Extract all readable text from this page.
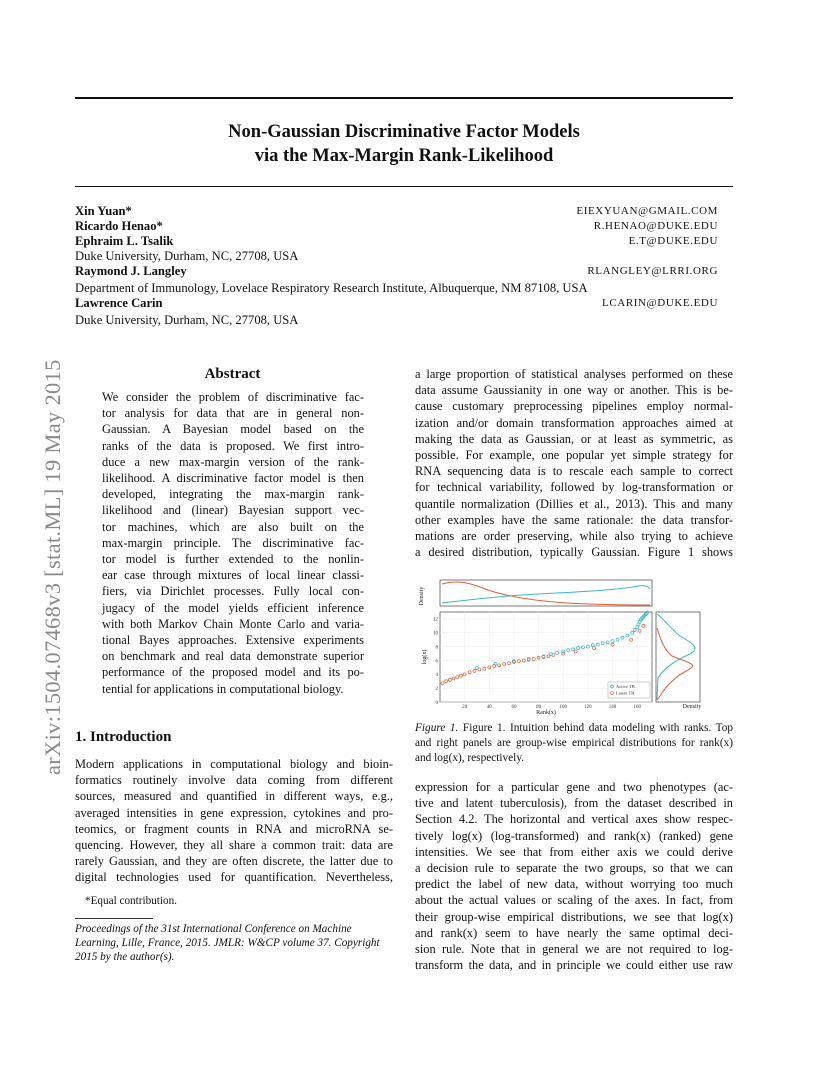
arXiv:1504.07468v3 [stat.ML] 19 May 2015
Non-Gaussian Discriminative Factor Models
via the Max-Margin Rank-Likelihood
Xin Yuan*	EIEXYUAN@GMAIL.COM
Ricardo Henao*	R.HENAO@DUKE.EDU
Ephraim L. Tsalik	E.T@DUKE.EDU
Duke University, Durham, NC, 27708, USA
Raymond J. Langley	RLANGLEY@LRRI.ORG
Department of Immunology, Lovelace Respiratory Research Institute, Albuquerque, NM 87108, USA
Lawrence Carin	LCARIN@DUKE.EDU
Duke University, Durham, NC, 27708, USA
Abstract
We consider the problem of discriminative fac-
tor analysis for data that are in general non-
Gaussian. A Bayesian model based on the
ranks of the data is proposed. We first intro-
duce a new max-margin version of the rank-
likelihood. A discriminative factor model is then
developed, integrating the max-margin rank-
likelihood and (linear) Bayesian support vec-
tor machines, which are also built on the
max-margin principle. The discriminative fac-
tor model is further extended to the nonlin-
ear case through mixtures of local linear classi-
fiers, via Dirichlet processes. Fully local con-
jugacy of the model yields efficient inference
with both Markov Chain Monte Carlo and varia-
tional Bayes approaches. Extensive experiments
on benchmark and real data demonstrate superior
performance of the proposed model and its po-
tential for applications in computational biology.
1. Introduction
Modern applications in computational biology and bioin-
formatics routinely involve data coming from different
sources, measured and quantified in different ways, e.g.,
averaged intensities in gene expression, cytokines and pro-
teomics, or fragment counts in RNA and microRNA se-
quencing. However, they all share a common trait: data are
rarely Gaussian, and they are often discrete, the latter due to
digital technologies used for quantification. Nevertheless,
*Equal contribution.
Proceedings of the 31st International Conference on Machine Learning, Lille, France, 2015. JMLR: W&CP volume 37. Copyright 2015 by the author(s).
a large proportion of statistical analyses performed on these
data assume Gaussianity in one way or another. This is be-
cause customary preprocessing pipelines employ normal-
ization and/or domain transformation approaches aimed at
making the data as Gaussian, or at least as symmetric, as
possible. For example, one popular yet simple strategy for
RNA sequencing data is to rescale each sample to correct
for technical variability, followed by log-transformation or
quantile normalization (Dillies et al., 2013). This and many
other examples have the same rationale: the data transfor-
mations are order preserving, while also trying to achieve
a desired distribution, typically Gaussian. Figure 1 shows
20	40	60	80	100	120	140	160
0
2
4
6
8
10
12
Active TB
Latent TB
Density
log(x)
Rank(x)
Density
Figure 1. Figure 1. Intuition behind data modeling with ranks. Top and right panels are group-wise empirical distributions for rank(x) and log(x), respectively.
expression for a particular gene and two phenotypes (ac-
tive and latent tuberculosis), from the dataset described in
Section 4.2. The horizontal and vertical axes show respec-
tively log(x) (log-transformed) and rank(x) (ranked) gene
intensities. We see that from either axis we could derive
a decision rule to separate the two groups, so that we can
predict the label of new data, without worrying too much
about the actual values or scaling of the axes. In fact, from
their group-wise empirical distributions, we see that log(x)
and rank(x) seem to have nearly the same optimal deci-
sion rule. Note that in general we are not required to log-
transform the data, and in principle we could either use raw
